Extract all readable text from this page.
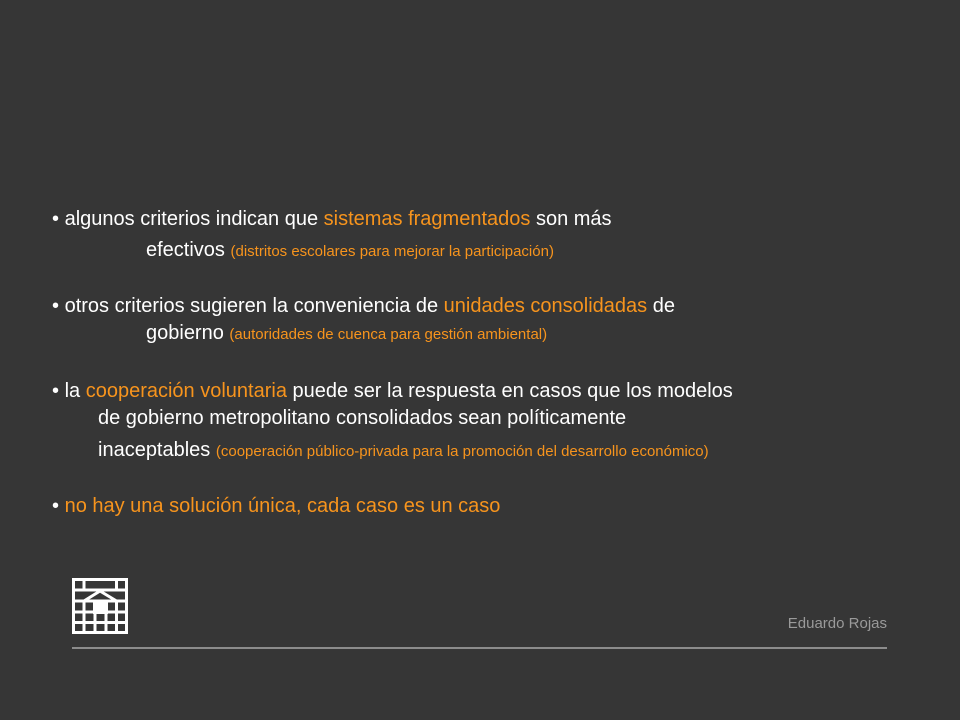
• algunos criterios indican que sistemas fragmentados son más
efectivos (distritos escolares para mejorar la participación)
• otros criterios sugieren la conveniencia de unidades consolidadas de
gobierno (autoridades de cuenca para gestión ambiental)
• la cooperación voluntaria puede ser la respuesta en casos que los modelos
de gobierno metropolitano consolidados sean políticamente
inaceptables (cooperación público-privada para la promoción del desarrollo económico)
• no hay una solución única, cada caso es un caso
Eduardo Rojas
